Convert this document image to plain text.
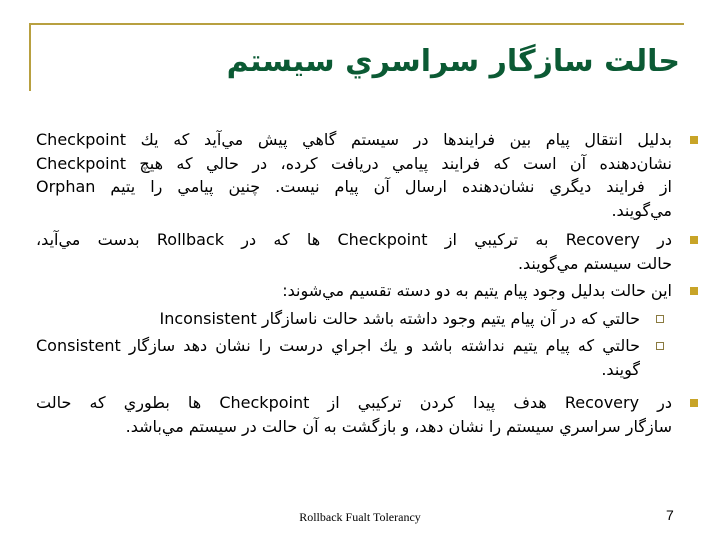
حالت سازگار سراسري سيستم
بدليل انتقال پيام بين فرايندها در سيستم گاهي پيش مي‌آيد كه يك Checkpoint
نشان‌دهنده آن است كه فرايند پيامي دريافت كرده، در حالي كه هيچ Checkpoint
از فرايند ديگري نشان‌دهنده ارسال آن پيام نيست. چنين پيامي را يتيم Orphan
مي‌گويند.
در Recovery به تركيبي از Checkpoint ها كه در Rollback بدست مي‌آيد،
حالت سيستم مي‌گويند.
اين حالت بدليل وجود پيام يتيم به دو دسته تقسيم مي‌شوند:
حالتي كه در آن پيام يتيم وجود داشته باشد حالت ناسازگار Inconsistent
حالتي كه پيام يتيم نداشته باشد و يك اجراي درست را نشان دهد سازگار Consistent
گويند.
در Recovery هدف پيدا كردن تركيبي از Checkpoint ها بطوري كه حالت
سازگار سراسري سيستم را نشان دهد، و بازگشت به آن حالت در سيستم مي‌باشد.
Rollback Fualt Tolerancy	7
